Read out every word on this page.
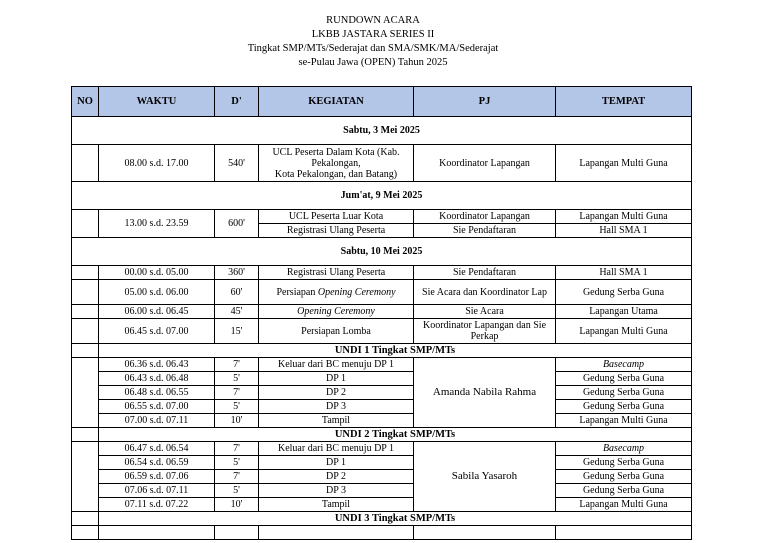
RUNDOWN ACARA
LKBB JASTARA SERIES II
Tingkat SMP/MTs/Sederajat dan SMA/SMK/MA/Sederajat
se-Pulau Jawa (OPEN) Tahun 2025
NO	WAKTU	D'	KEGIATAN	PJ	TEMPAT
Sabtu, 3 Mei 2025					
	08.00 s.d. 17.00	540'	UCL Peserta Dalam Kota (Kab. Pekalongan,
Kota Pekalongan, dan Batang)	Koordinator Lapangan	Lapangan Multi Guna
Jum'at, 9 Mei 2025					
	13.00 s.d. 23.59	600'	UCL Peserta Luar Kota	Koordinator Lapangan	Lapangan Multi Guna
			Registrasi Ulang Peserta	Sie Pendaftaran	Hall SMA 1
Sabtu, 10 Mei 2025					
	00.00 s.d. 05.00	360'	Registrasi Ulang Peserta	Sie Pendaftaran	Hall SMA 1
	05.00 s.d. 06.00	60'	Persiapan Opening Ceremony	Sie Acara dan Koordinator Lap	Gedung Serba Guna
	06.00 s.d. 06.45	45'	Opening Ceremony	Sie Acara	Lapangan Utama
	06.45 s.d. 07.00	15'	Persiapan Lomba	Koordinator Lapangan dan Sie Perkap	Lapangan Multi Guna
	UNDI 1 Tingkat SMP/MTs				
	06.36 s.d. 06.43	7'	Keluar dari BC menuju DP 1	Amanda Nabila Rahma	Basecamp
	06.43 s.d. 06.48	5'	DP 1		Gedung Serba Guna
	06.48 s.d. 06.55	7'	DP 2		Gedung Serba Guna
	06.55 s.d. 07.00	5'	DP 3		Gedung Serba Guna
	07.00 s.d. 07.11	10'	Tampil		Lapangan Multi Guna
	UNDI 2 Tingkat SMP/MTs				
	06.47 s.d. 06.54	7'	Keluar dari BC menuju DP 1	Sabila Yasaroh	Basecamp
	06.54 s.d. 06.59	5'	DP 1		Gedung Serba Guna
	06.59 s.d. 07.06	7'	DP 2		Gedung Serba Guna
	07.06 s.d. 07.11	5'	DP 3		Gedung Serba Guna
	07.11 s.d. 07.22	10'	Tampil		Lapangan Multi Guna
	UNDI 3 Tingkat SMP/MTs				
